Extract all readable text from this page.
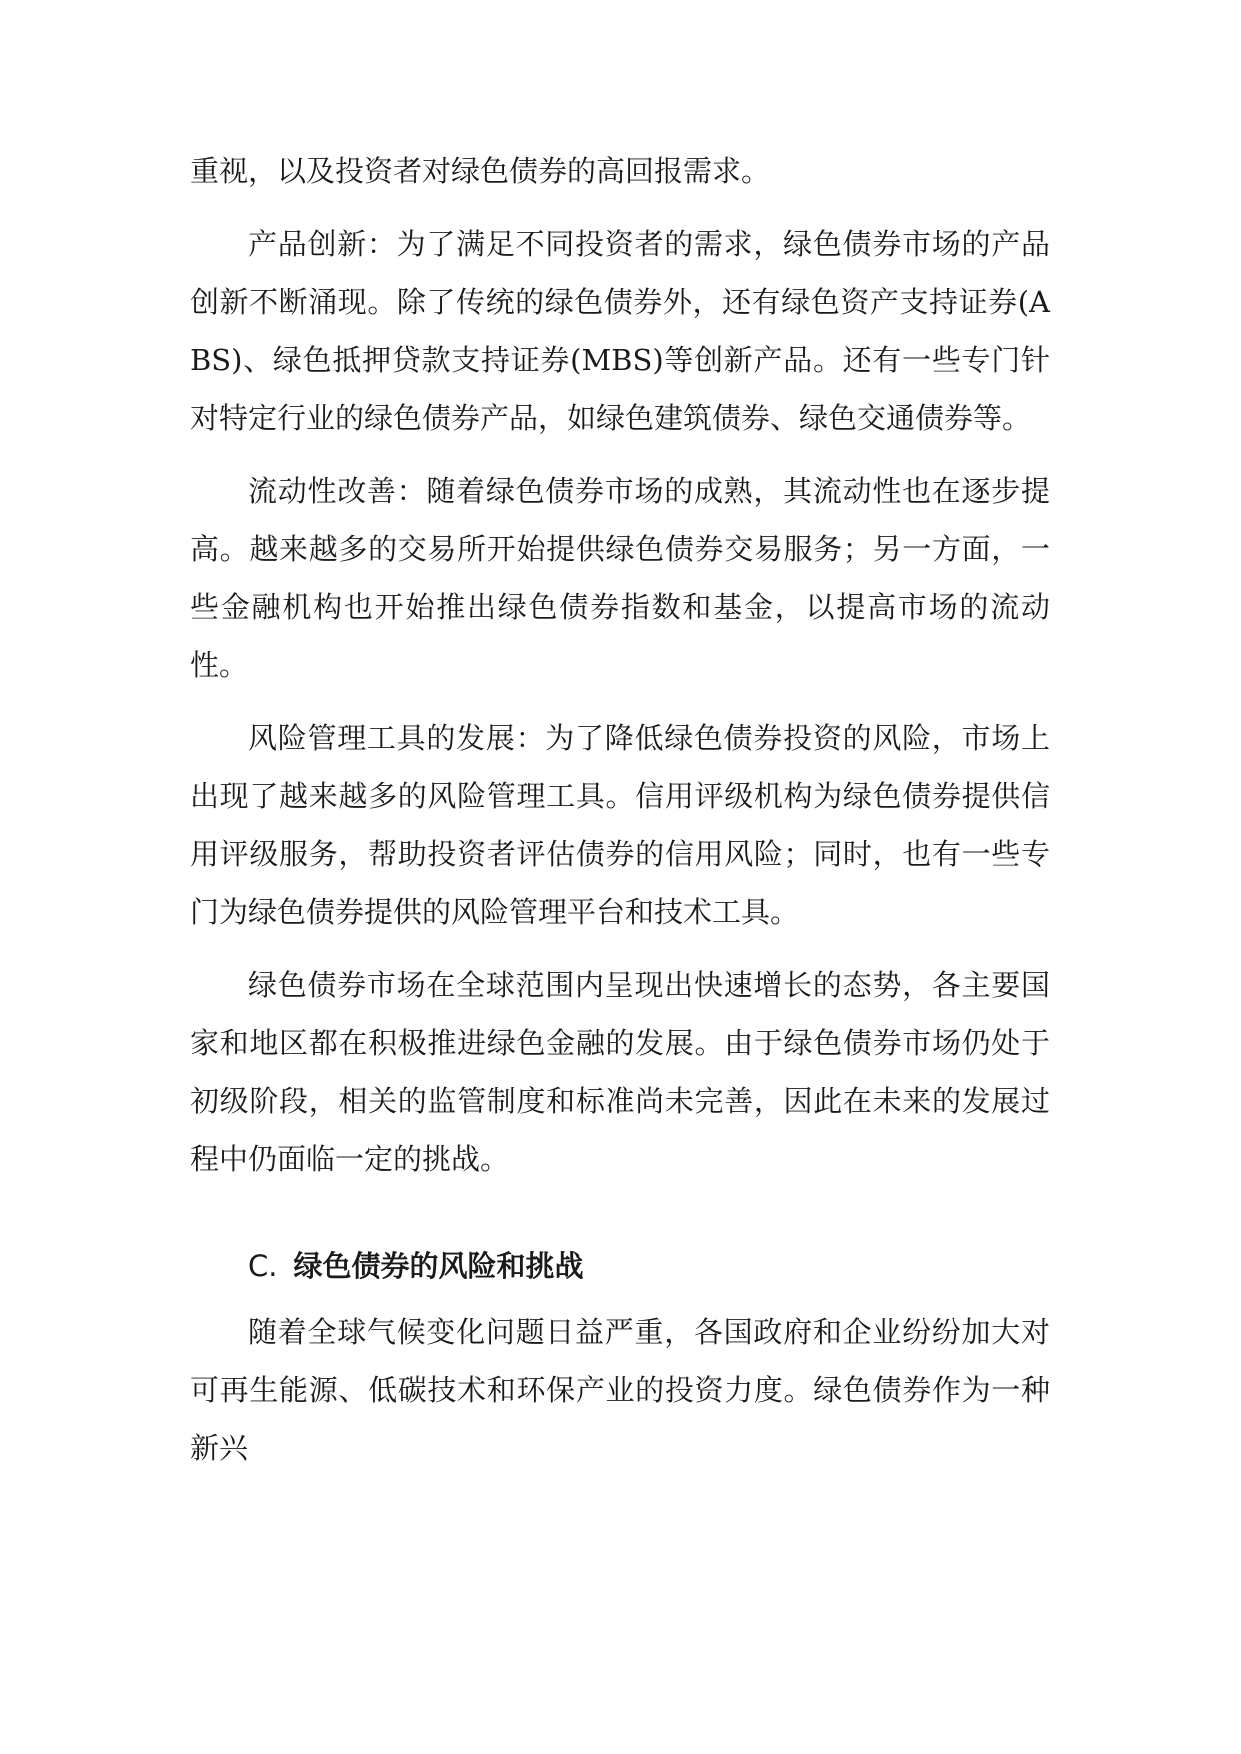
重视，以及投资者对绿色债券的高回报需求。

产品创新：为了满足不同投资者的需求，绿色债券市场的产品创新不断涌现。除了传统的绿色债券外，还有绿色资产支持证券(ABS)、绿色抵押贷款支持证券(MBS)等创新产品。还有一些专门针对特定行业的绿色债券产品，如绿色建筑债券、绿色交通债券等。

流动性改善：随着绿色债券市场的成熟，其流动性也在逐步提高。越来越多的交易所开始提供绿色债券交易服务；另一方面，一些金融机构也开始推出绿色债券指数和基金，以提高市场的流动性。

风险管理工具的发展：为了降低绿色债券投资的风险，市场上出现了越来越多的风险管理工具。信用评级机构为绿色债券提供信用评级服务，帮助投资者评估债券的信用风险；同时，也有一些专门为绿色债券提供的风险管理平台和技术工具。

绿色债券市场在全球范围内呈现出快速增长的态势，各主要国家和地区都在积极推进绿色金融的发展。由于绿色债券市场仍处于初级阶段，相关的监管制度和标准尚未完善，因此在未来的发展过程中仍面临一定的挑战。

C. 绿色债券的风险和挑战

随着全球气候变化问题日益严重，各国政府和企业纷纷加大对可再生能源、低碳技术和环保产业的投资力度。绿色债券作为一种新兴
